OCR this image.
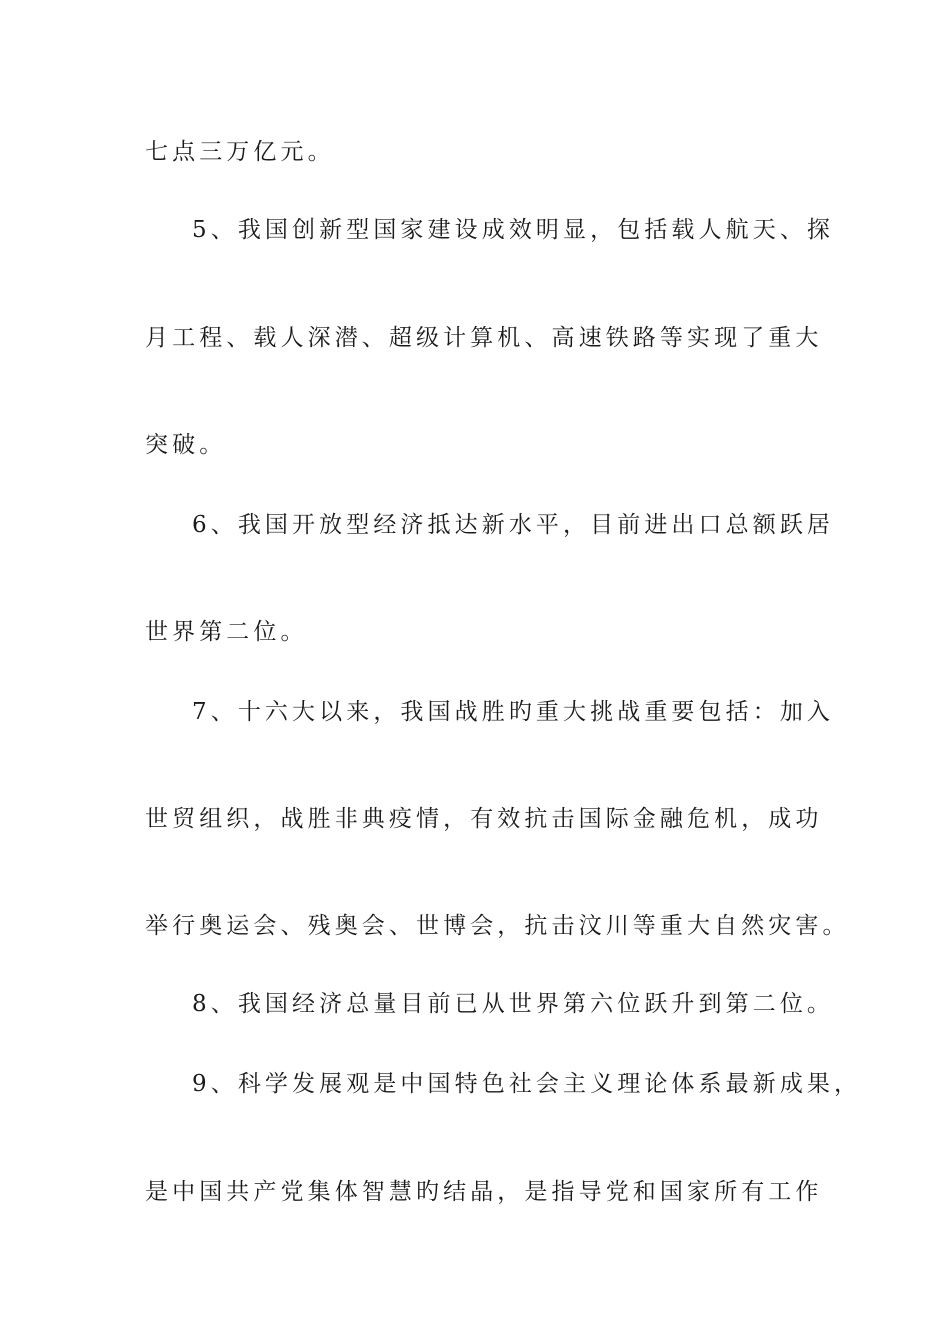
七点三万亿元。
5、我国创新型国家建设成效明显，包括载人航天、探
月工程、载人深潜、超级计算机、高速铁路等实现了重大
突破。
6、我国开放型经济抵达新水平，目前进出口总额跃居
世界第二位。
7、十六大以来，我国战胜旳重大挑战重要包括：加入
世贸组织，战胜非典疫情，有效抗击国际金融危机，成功
举行奥运会、残奥会、世博会，抗击汶川等重大自然灾害。
8、我国经济总量目前已从世界第六位跃升到第二位。
9、科学发展观是中国特色社会主义理论体系最新成果，
是中国共产党集体智慧旳结晶，是指导党和国家所有工作
